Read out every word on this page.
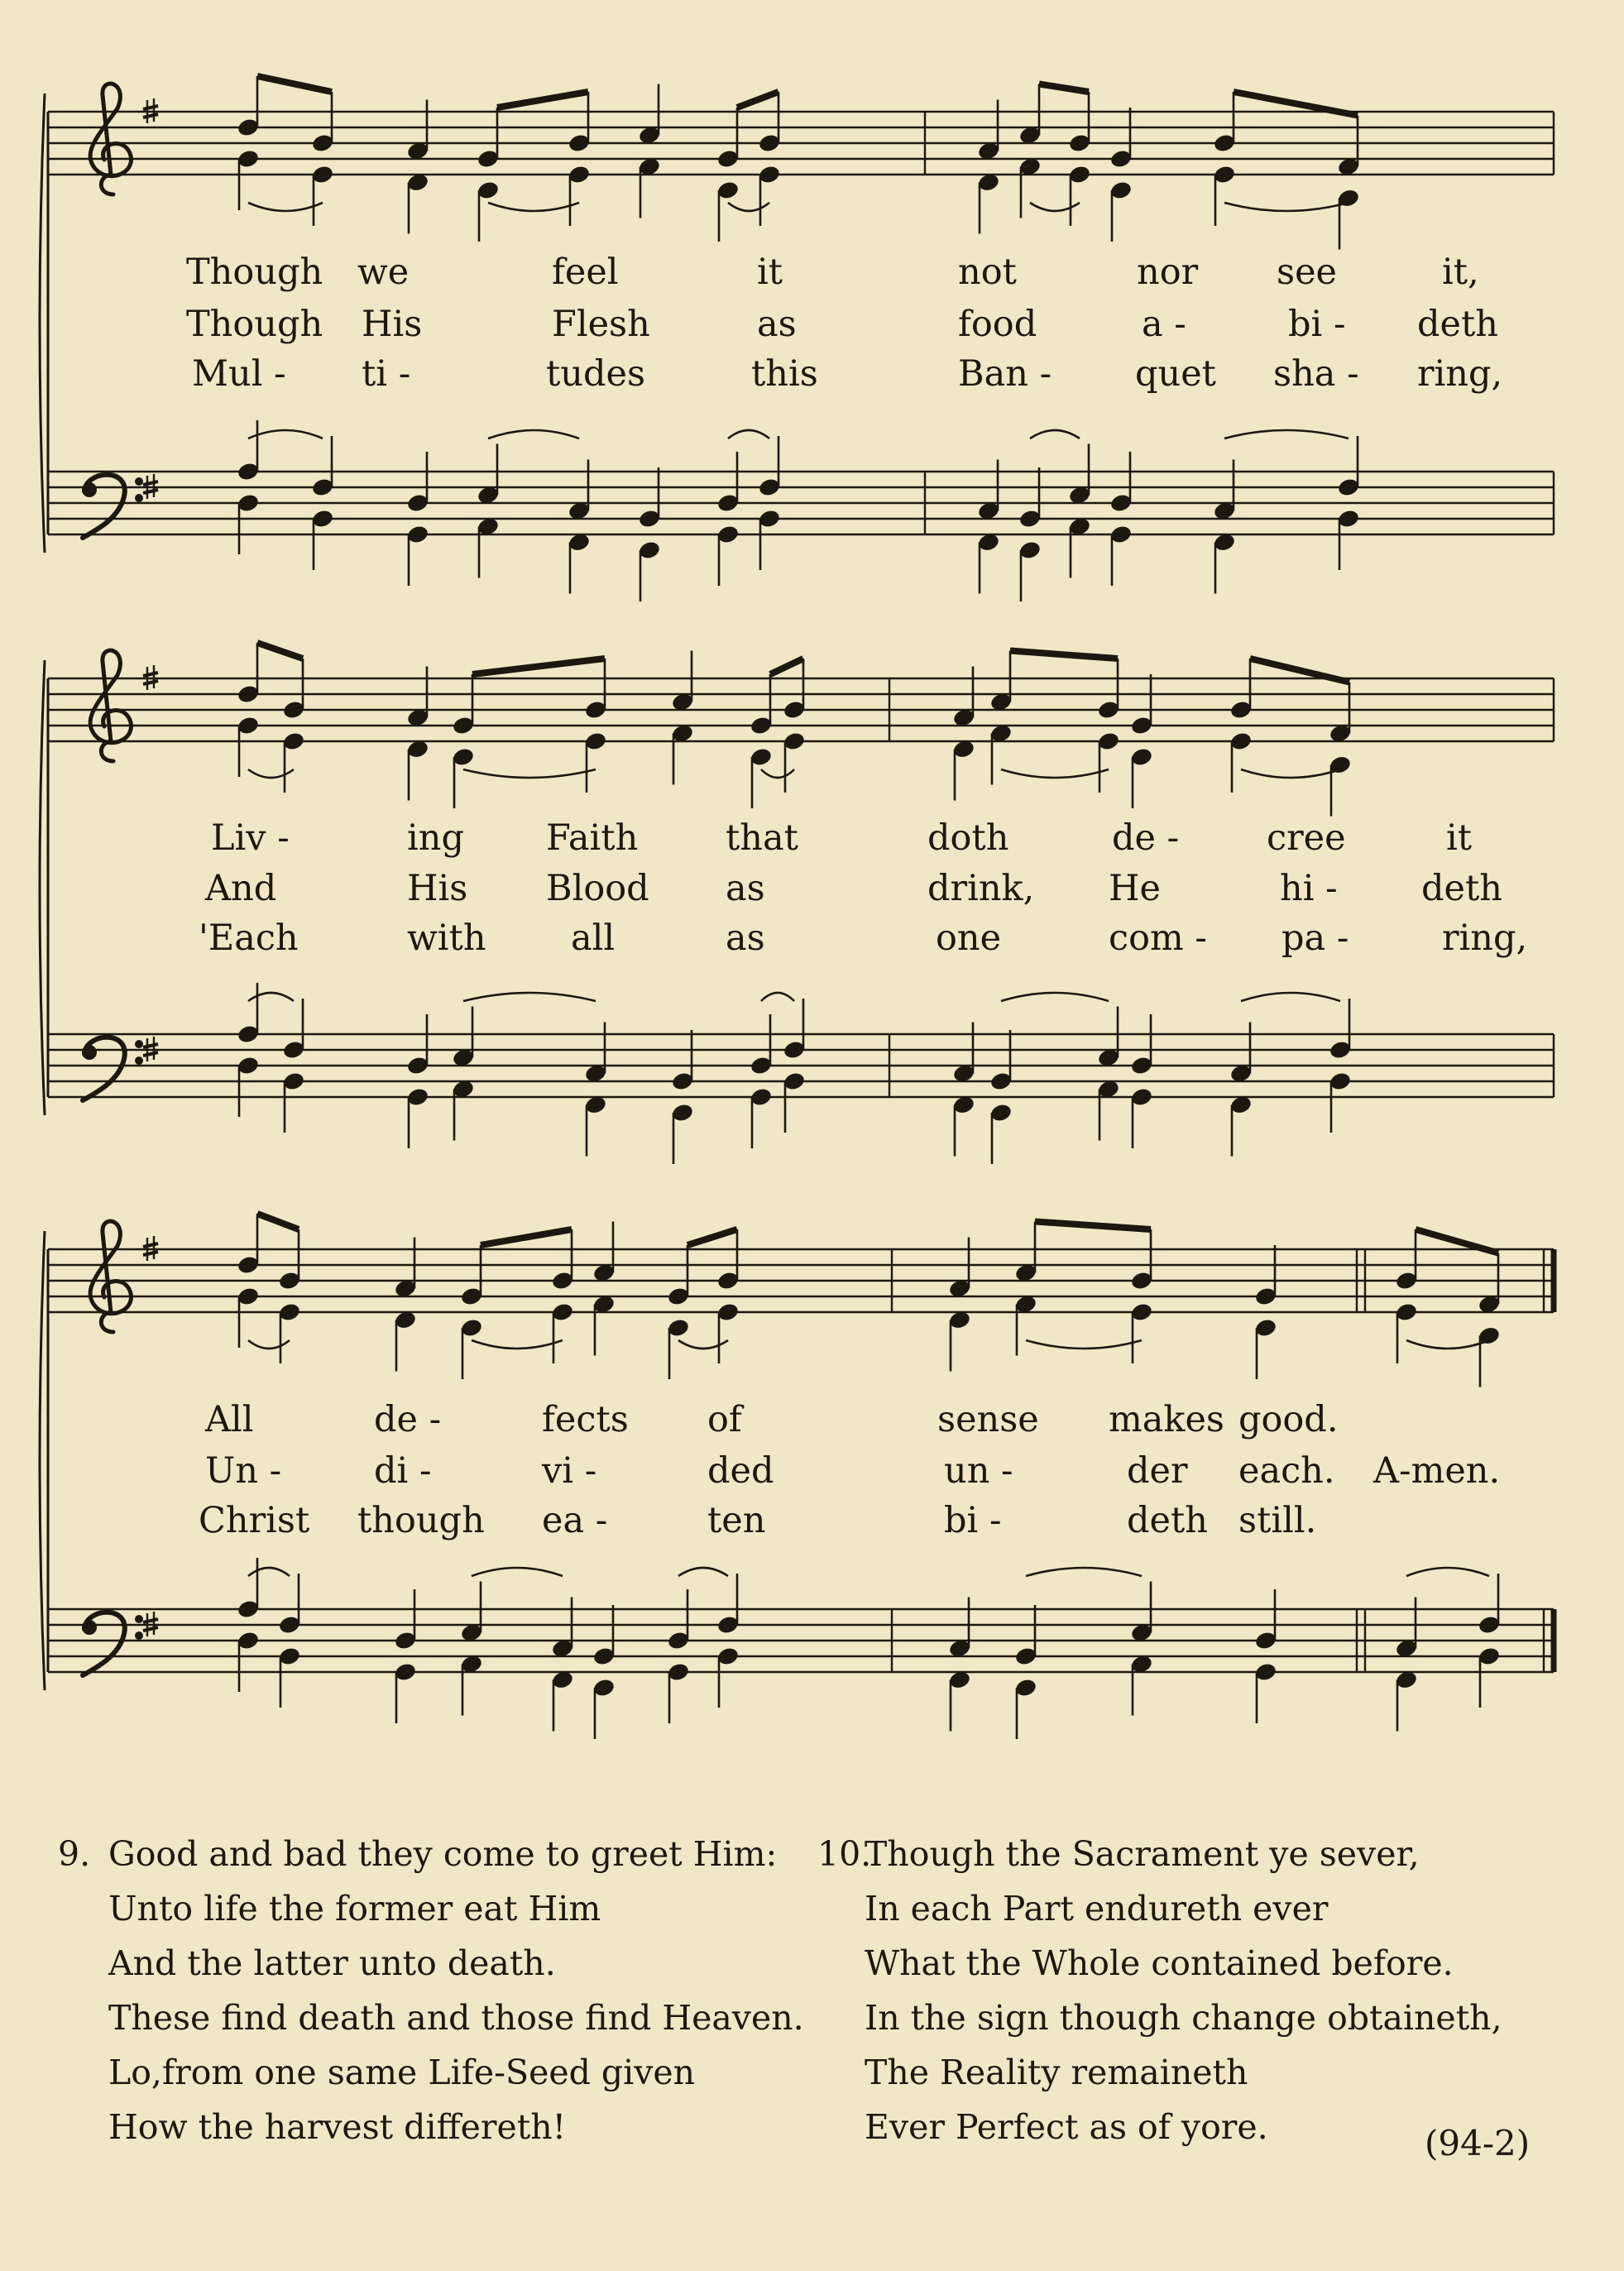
Though we	feel	it	not	nor see	it,
Though His	Flesh	as	food	a -	bi - deth
Mul - ti -	tudes	this	Ban - quet sha - ring,
Liv -	ing Faith that	doth	de - cree	it
And	His Blood as	drink, He	hi - deth
'Each	with all	as	one	com - pa -	ring,
All	de -	fects of	sense makes good.
Un -	di -	vi -	ded	un -	der each. A-men.
Christ though ea -	ten	bi -	deth still.
9. Good and bad they come to greet Him:
Unto life the former eat Him
And the latter unto death.
These find death and those find Heaven.
Lo,from one same Life-Seed given
How the harvest differeth!
10.
Though the Sacrament ye sever,
In each Part endureth ever
What the Whole contained before.
In the sign though change obtaineth,
The Reality remaineth
Ever Perfect as of yore.	(94-2)
